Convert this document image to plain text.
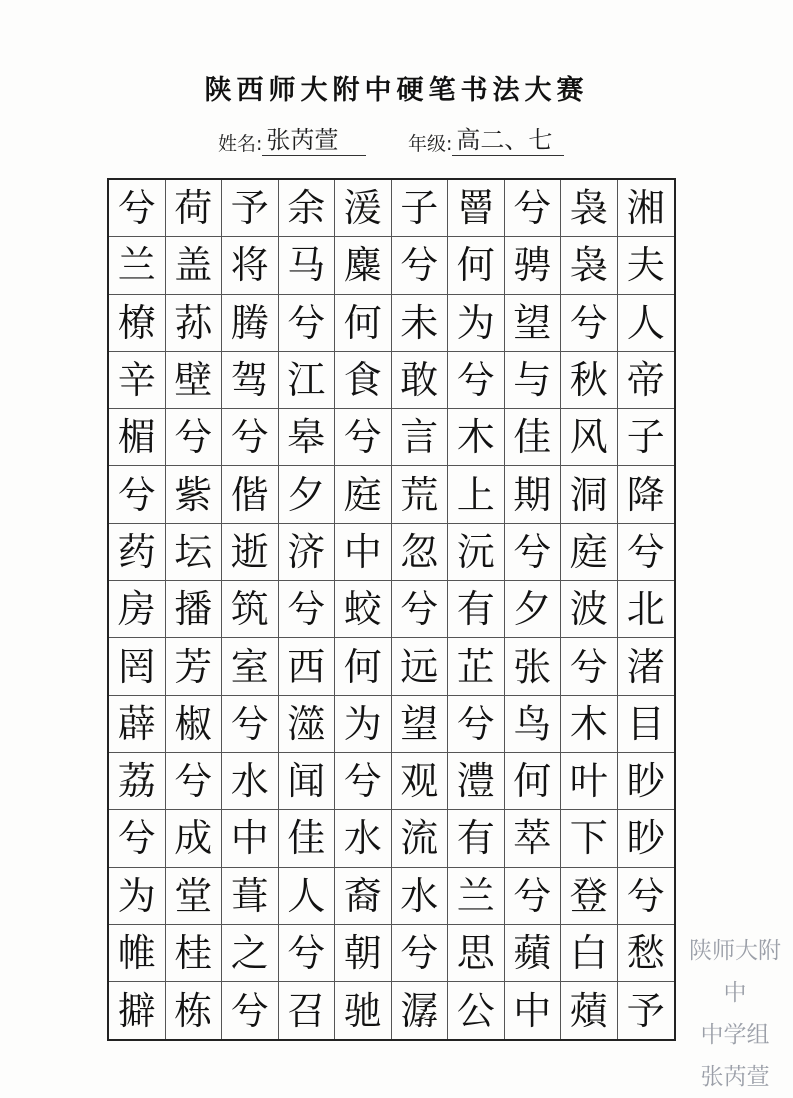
陕西师大附中硬笔书法大赛
姓名: 张芮萱	年级: 高二、七
兮 荷 予 余 湲 子 罾 兮 袅 湘
兰 盖 将 马 麋 兮 何 骋 袅 夫
橑 荪 腾 兮 何 未 为 望 兮 人
辛 壁 驾 江 食 敢 兮 与 秋 帝
楣 兮 兮 皋 兮 言 木 佳 风 子
兮 紫 偕 夕 庭 荒 上 期 洞 降
药 坛 逝 济 中 忽 沅 兮 庭 兮
房 播 筑 兮 蛟 兮 有 夕 波 北
罔 芳 室 西 何 远 芷 张 兮 渚
薜 椒 兮 澨 为 望 兮 鸟 木 目
荔 兮 水 闻 兮 观 澧 何 叶 眇
兮 成 中 佳 水 流 有 萃 下 眇
为 堂 葺 人 裔 水 兰 兮 登 兮
帷 桂 之 兮 朝 兮 思 蘋 白 愁
擗 栋 兮 召 驰 潺 公 中 薠 予
陕师大附中
中学组
张芮萱
